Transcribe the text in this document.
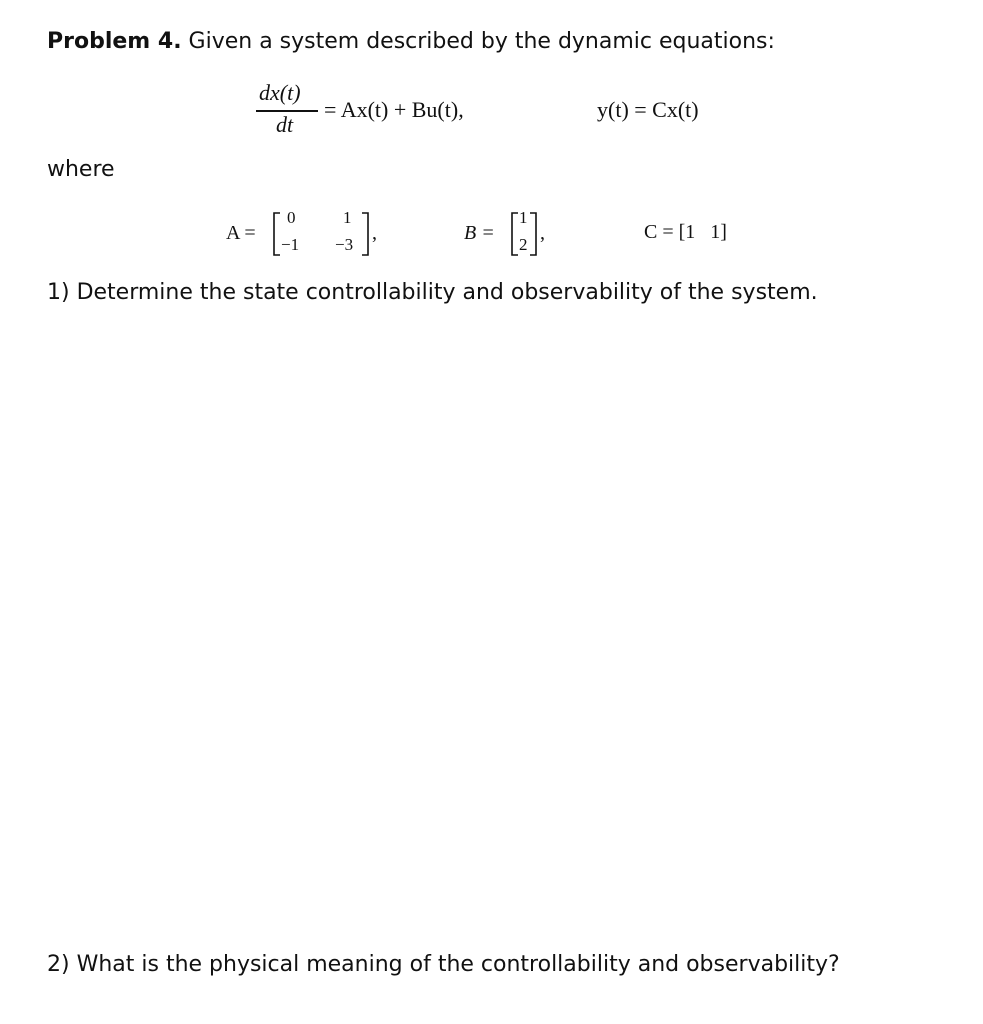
Problem 4. Given a system described by the dynamic equations:
dx(t)
dt
= Ax(t) + Bu(t),	y(t) = Cx(t)
where
A =
0	1
−1 −3
,	B =
1
2
,	C = [1   1]
1) Determine the state controllability and observability of the system.
2) What is the physical meaning of the controllability and observability?
